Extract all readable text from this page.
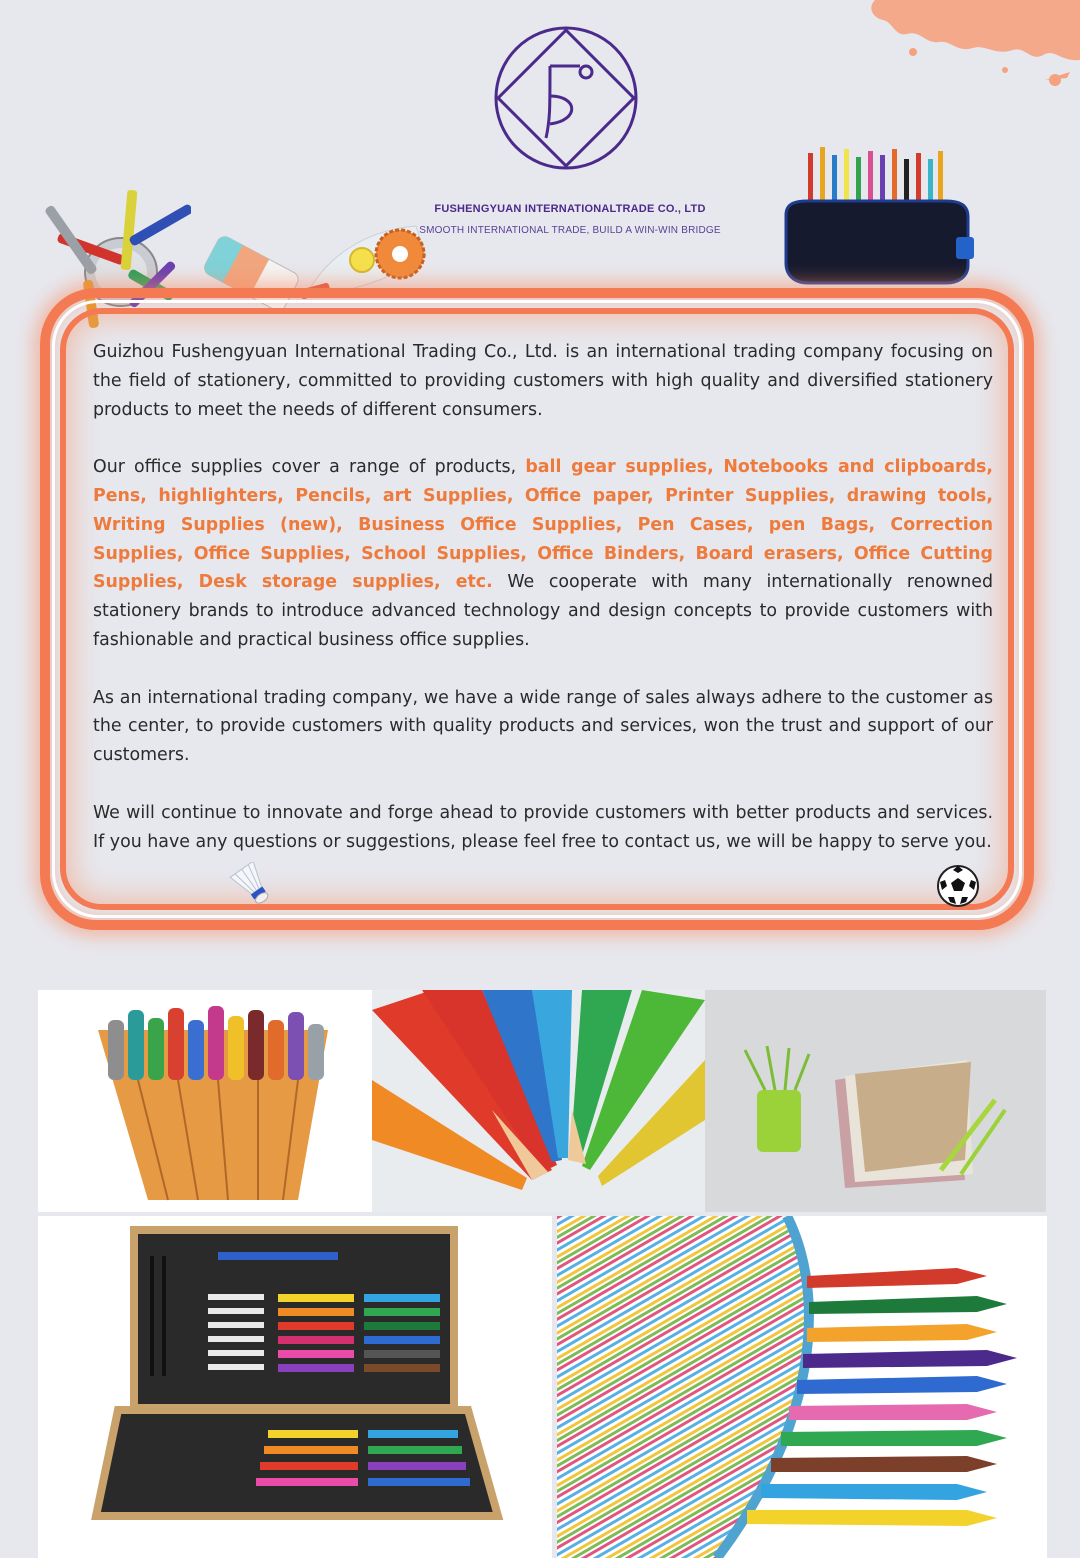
FUSHENGYUAN INTERNATIONALTRADE CO., LTD
SMOOTH INTERNATIONAL TRADE, BUILD A WIN-WIN BRIDGE

Guizhou Fushengyuan International Trading Co., Ltd. is an international trading company focusing on the field of stationery, committed to providing customers with high quality and diversified stationery products to meet the needs of different consumers.

Our office supplies cover a range of products, ball gear supplies, Notebooks and clipboards, Pens, highlighters, Pencils, art Supplies, Office paper, Printer Supplies, drawing tools, Writing Supplies (new), Business Office Supplies, Pen Cases, pen Bags, Correction Supplies, Office Supplies, School Supplies, Office Binders, Board erasers, Office Cutting Supplies, Desk storage supplies, etc. We cooperate with many internationally renowned stationery brands to introduce advanced technology and design concepts to provide customers with fashionable and practical business office supplies.

As an international trading company, we have a wide range of sales always adhere to the customer as the center, to provide customers with quality products and services, won the trust and support of our customers.

We will continue to innovate and forge ahead to provide customers with better products and services. If you have any questions or suggestions, please feel free to contact us, we will be happy to serve you.
